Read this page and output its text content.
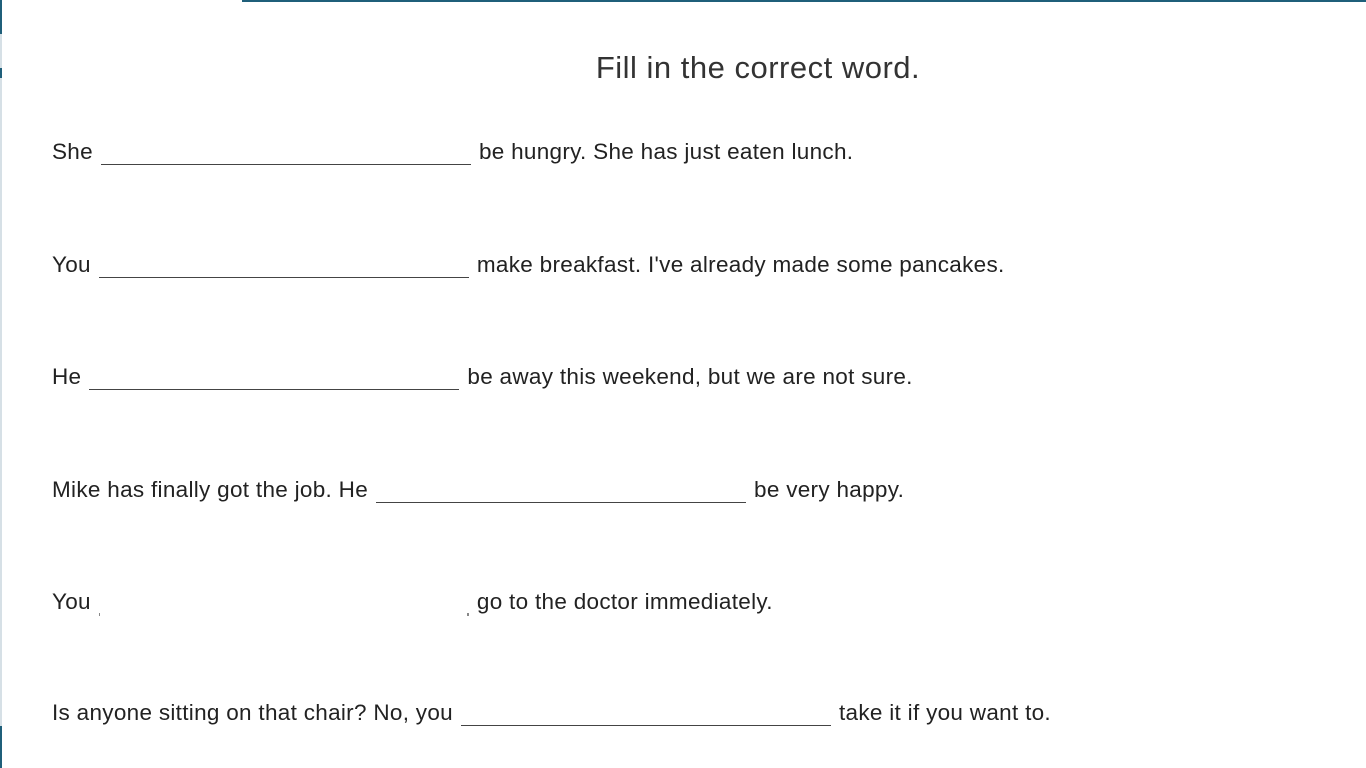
Fill in the correct word.
She	be hungry. She has just eaten lunch.
You	make breakfast. I've already made some pancakes.
He	be away this weekend, but we are not sure.
Mike has finally got the job. He	be very happy.
You	go to the doctor immediately.
Is anyone sitting on that chair? No, you	take it if you want to.
